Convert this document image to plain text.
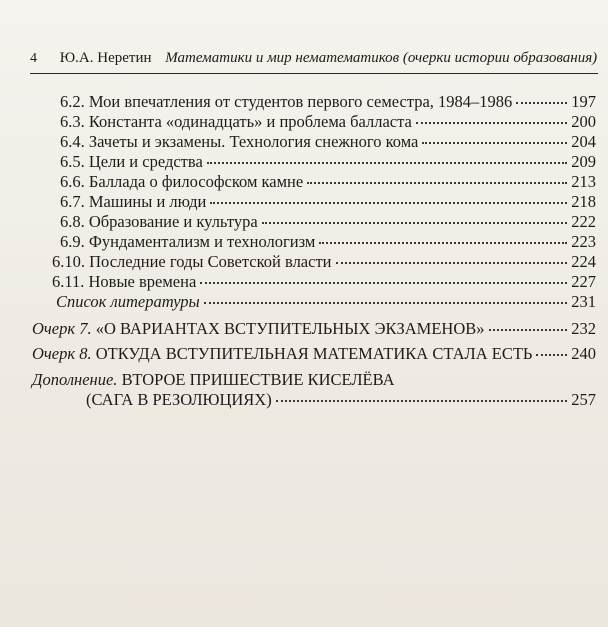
4 Ю.А. Неретин Математики и мир нематематиков (очерки истории образования)
6.2. Мои впечатления от студентов первого семестра, 1984–1986	197
6.3. Константа «одинадцать» и проблема балласта	200
6.4. Зачеты и экзамены. Технология снежного кома	204
6.5. Цели и средства	209
6.6. Баллада о философском камне	213
6.7. Машины и люди	218
6.8. Образование и культура	222
6.9. Фундаментализм и технологизм	223
6.10. Последние годы Советской власти	224
6.11. Новые времена	227
Список литературы	231
Очерк 7. «О ВАРИАНТАХ ВСТУПИТЕЛЬНЫХ ЭКЗАМЕНОВ»	232
Очерк 8. ОТКУДА ВСТУПИТЕЛЬНАЯ МАТЕМАТИКА СТАЛА ЕСТЬ 240
Дополнение. ВТОРОЕ ПРИШЕСТВИЕ КИСЕЛЁВА
(САГА В РЕЗОЛЮЦИЯХ)	257
